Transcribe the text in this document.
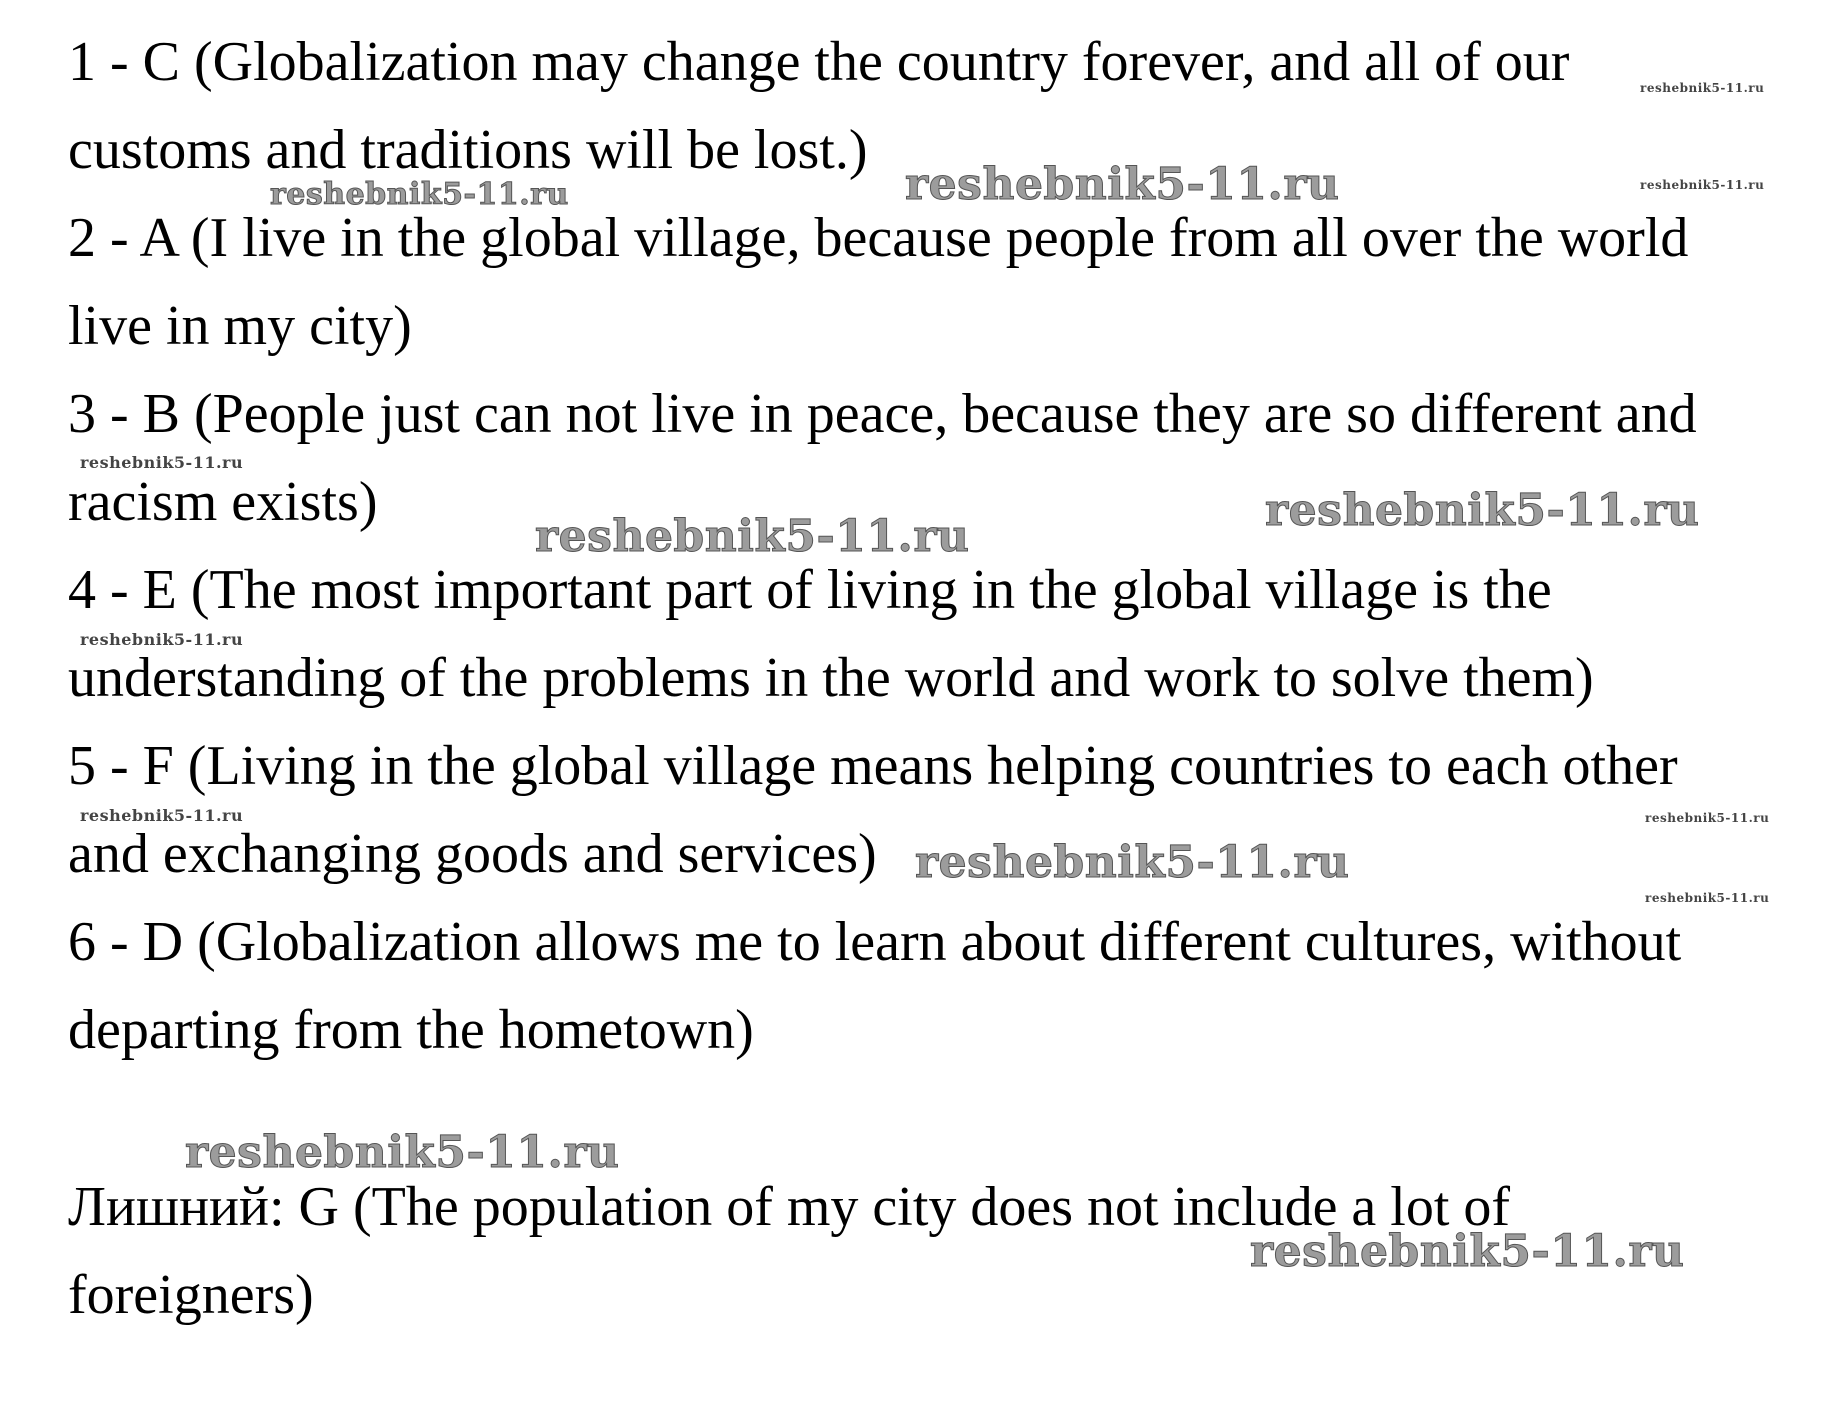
1 - C (Globalization may change the country forever, and all of our

customs and traditions will be lost.)

2 - A (I live in the global village, because people from all over the world

live in my city)

3 - B (People just can not live in peace, because they are so different and

racism exists)

4 - E (The most important part of living in the global village is the

understanding of the problems in the world and work to solve them)

5 - F (Living in the global village means helping countries to each other

and exchanging goods and services)

6 - D (Globalization allows me to learn about different cultures, without

departing from the hometown)

Лишний: G (The population of my city does not include a lot of

foreigners)

reshebnik5-11.ru
reshebnik5-11.ru	reshebnik5-11.ru	reshebnik5-11.ru
reshebnik5-11.ru
reshebnik5-11.ru
reshebnik5-11.ru
reshebnik5-11.ru
reshebnik5-11.ru	reshebnik5-11.ru
reshebnik5-11.ru
reshebnik5-11.ru
reshebnik5-11.ru
reshebnik5-11.ru
